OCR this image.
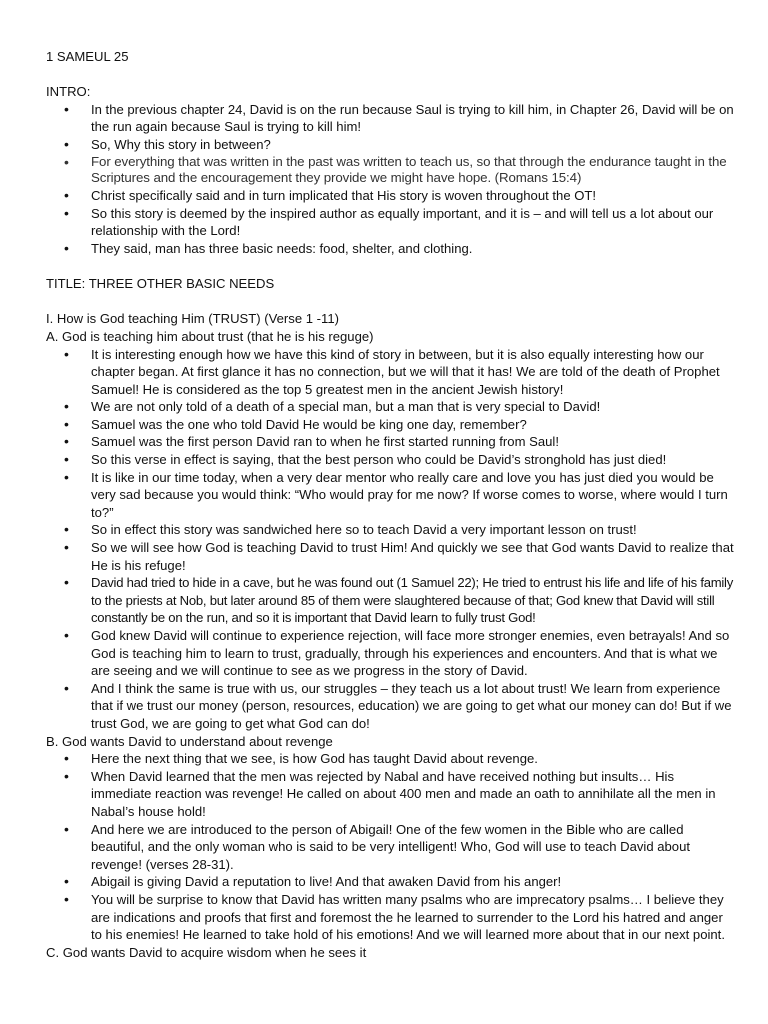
1 SAMEUL 25

INTRO:

• In the previous chapter 24, David is on the run because Saul is trying to kill him, in Chapter 26, David will be on the run again because Saul is trying to kill him!
• So, Why this story in between?
• For everything that was written in the past was written to teach us, so that through the endurance taught in the Scriptures and the encouragement they provide we might have hope. (Romans 15:4)
• Christ specifically said and in turn implicated that His story is woven throughout the OT!
• So this story is deemed by the inspired author as equally important, and it is – and will tell us a lot about our relationship with the Lord!
• They said, man has three basic needs: food, shelter, and clothing.

TITLE: THREE OTHER BASIC NEEDS

I. How is God teaching Him (TRUST) (Verse 1 -11)

A. God is teaching him about trust (that he is his reguge)

• It is interesting enough how we have this kind of story in between, but it is also equally interesting how our chapter began. At first glance it has no connection, but we will that it has! We are told of the death of Prophet Samuel! He is considered as the top 5 greatest men in the ancient Jewish history!
• We are not only told of a death of a special man, but a man that is very special to David!
• Samuel was the one who told David He would be king one day, remember?
• Samuel was the first person David ran to when he first started running from Saul!
• So this verse in effect is saying, that the best person who could be David’s stronghold has just died!
• It is like in our time today, when a very dear mentor who really care and love you has just died you would be very sad because you would think: “Who would pray for me now? If worse comes to worse, where would I turn to?”
• So in effect this story was sandwiched here so to teach David a very important lesson on trust!
• So we will see how God is teaching David to trust Him! And quickly we see that God wants David to realize that He is his refuge!
• David had tried to hide in a cave, but he was found out (1 Samuel 22); He tried to entrust his life and life of his family to the priests at Nob, but later around 85 of them were slaughtered because of that; God knew that David will still constantly be on the run, and so it is important that David learn to fully trust God!
• God knew David will continue to experience rejection, will face more stronger enemies, even betrayals! And so God is teaching him to learn to trust, gradually, through his experiences and encounters. And that is what we are seeing and we will continue to see as we progress in the story of David.
• And I think the same is true with us, our struggles – they teach us a lot about trust! We learn from experience that if we trust our money (person, resources, education) we are going to get what our money can do! But if we trust God, we are going to get what God can do!

B. God wants David to understand about revenge

• Here the next thing that we see, is how God has taught David about revenge.
• When David learned that the men was rejected by Nabal and have received nothing but insults… His immediate reaction was revenge! He called on about 400 men and made an oath to annihilate all the men in Nabal’s house hold!
• And here we are introduced to the person of Abigail! One of the few women in the Bible who are called beautiful, and the only woman who is said to be very intelligent! Who, God will use to teach David about revenge! (verses 28-31).
• Abigail is giving David a reputation to live! And that awaken David from his anger!
• You will be surprise to know that David has written many psalms who are imprecatory psalms… I believe they are indications and proofs that first and foremost the he learned to surrender to the Lord his hatred and anger to his enemies! He learned to take hold of his emotions! And we will learned more about that in our next point.

C. God wants David to acquire wisdom when he sees it
